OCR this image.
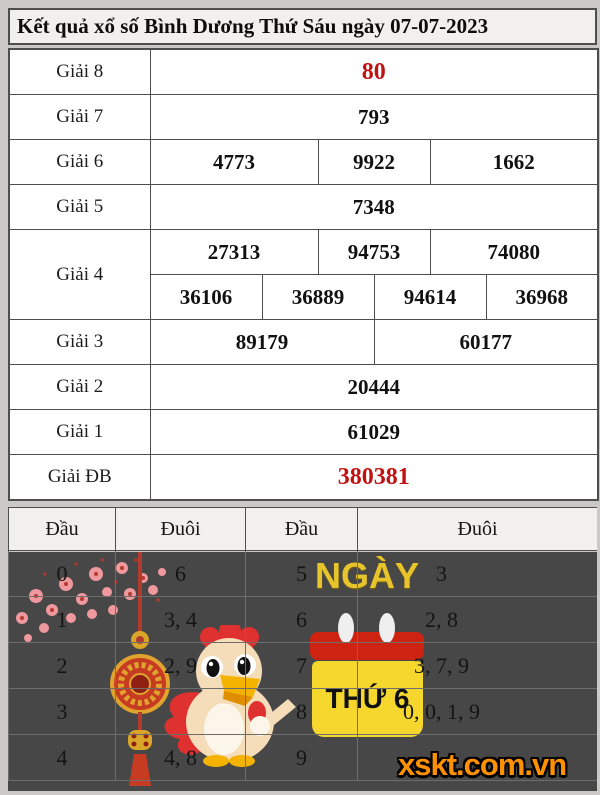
Kết quả xổ số Bình Dương Thứ Sáu ngày 07-07-2023
Giải 8	80					
Giải 7	793					
Giải 6	4773		9922		1662	
Giải 5	7348					
Giải 4	27313		94753		74080	
	36106	36889		94614		36968
Giải 3	89179			60177		
Giải 2	20444					
Giải 1	61029					
Giải ĐB	380381					
NGÀY
THỨ 6
Đầu	Đuôi	Đầu	Đuôi
0	6	5	3
1	3, 4	6	2, 8
2	2, 9	7	3, 7, 9
3		8	0, 0, 1, 9
4	4, 8	9		xskt.com.vn
